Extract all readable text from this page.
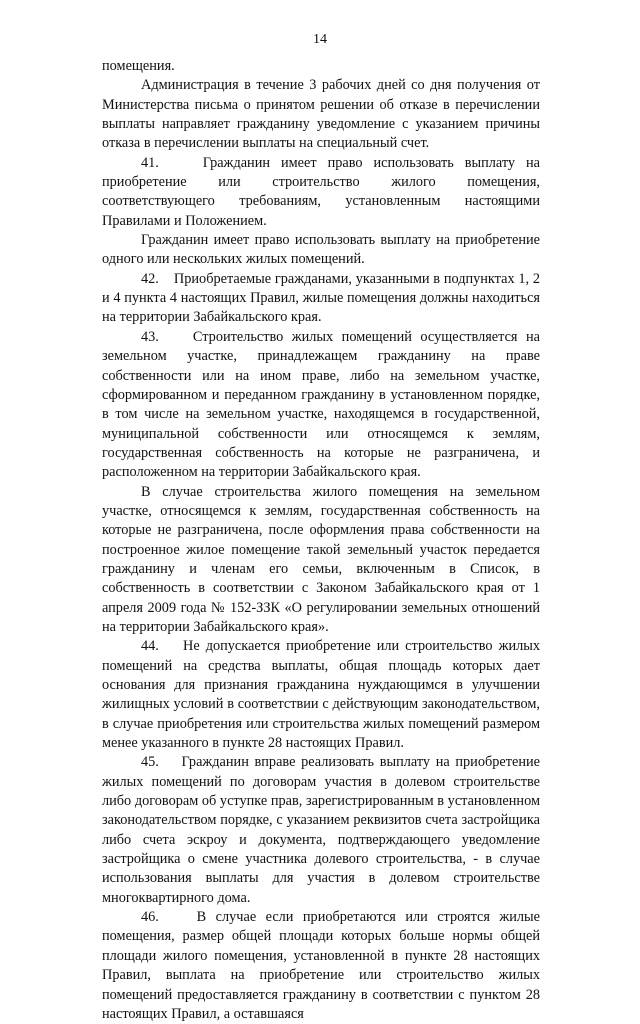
14

помещения.

Администрация в течение 3 рабочих дней со дня получения от Министерства письма о принятом решении об отказе в перечислении выплаты направляет гражданину уведомление с указанием причины отказа в перечислении выплаты на специальный счет.

41.    Гражданин имеет право использовать выплату на приобретение или строительство жилого помещения, соответствующего требованиям, установленным настоящими Правилами и Положением.

Гражданин имеет право использовать выплату на приобретение одного или нескольких жилых помещений.

42.    Приобретаемые гражданами, указанными в подпунктах 1, 2 и 4 пункта 4 настоящих Правил, жилые помещения должны находиться на территории Забайкальского края.

43.    Строительство жилых помещений осуществляется на земельном участке, принадлежащем гражданину на праве собственности или на ином праве, либо на земельном участке, сформированном и переданном гражданину в установленном порядке, в том числе на земельном участке, находящемся в государственной, муниципальной собственности или относящемся к землям, государственная собственность на которые не разграничена, и расположенном на территории Забайкальского края.

В случае строительства жилого помещения на земельном участке, относящемся к землям, государственная собственность на которые не разграничена, после оформления права собственности на построенное жилое помещение такой земельный участок передается гражданину и членам его семьи, включенным в Список, в собственность в соответствии с Законом Забайкальского края от 1 апреля 2009 года № 152-ЗЗК «О регулировании земельных отношений на территории Забайкальского края».

44.    Не допускается приобретение или строительство жилых помещений на средства выплаты, общая площадь которых дает основания для признания гражданина нуждающимся в улучшении жилищных условий в соответствии с действующим законодательством, в случае приобретения или строительства жилых помещений размером менее указанного в пункте 28 настоящих Правил.

45.    Гражданин вправе реализовать выплату на приобретение жилых помещений по договорам участия в долевом строительстве либо договорам об уступке прав, зарегистрированным в установленном законодательством порядке, с указанием реквизитов счета застройщика либо счета эскроу и документа, подтверждающего уведомление застройщика о смене участника долевого строительства, - в случае использования выплаты для участия в долевом строительстве многоквартирного дома.

46.    В случае если приобретаются или строятся жилые помещения, размер общей площади которых больше нормы общей площади жилого помещения, установленной в пункте 28 настоящих Правил, выплата на приобретение или строительство жилых помещений предоставляется гражданину в соответствии с пунктом 28 настоящих Правил, а оставшаяся
